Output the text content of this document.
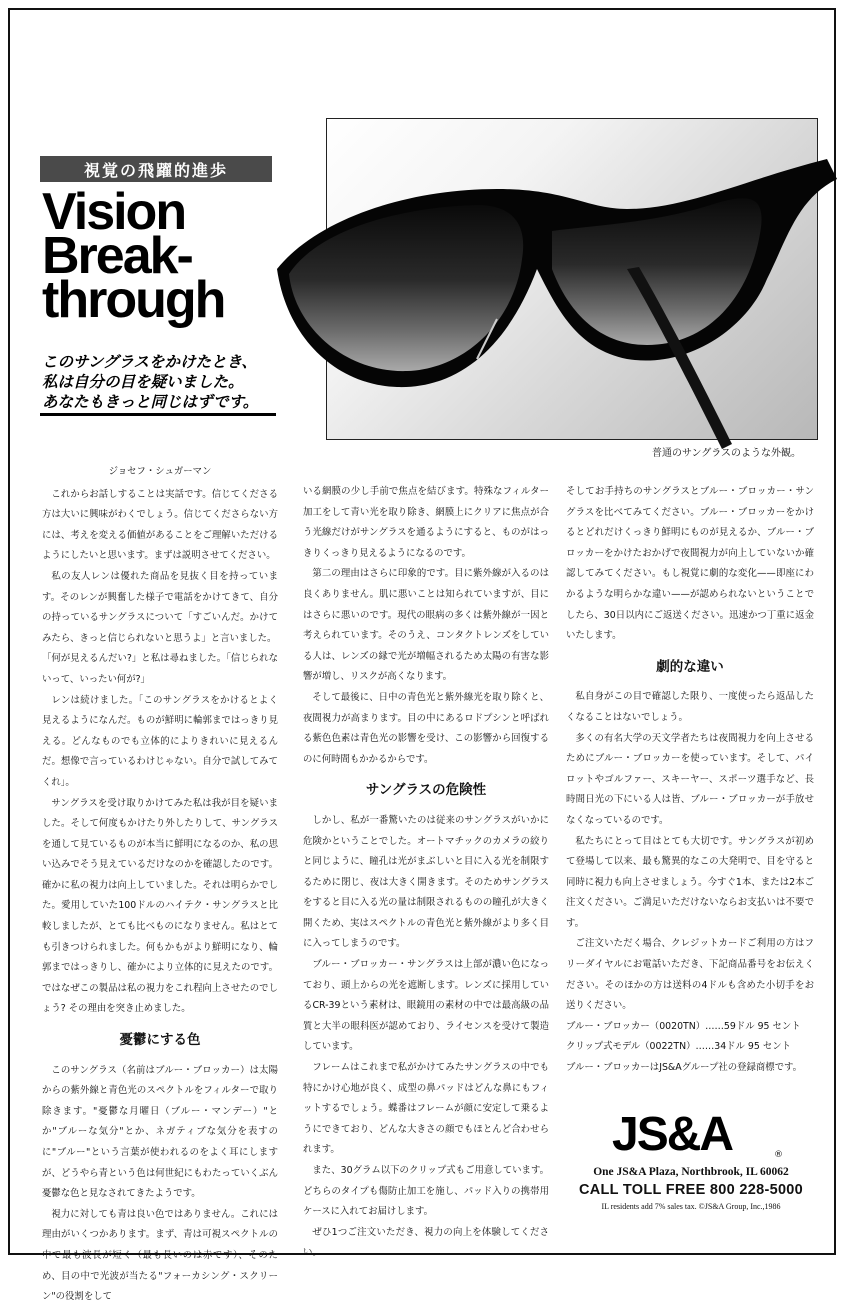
視覚の飛躍的進歩
Vision
Break-
through
このサングラスをかけたとき、
私は自分の目を疑いました。
あなたもきっと同じはずです。
普通のサングラスのような外観。

ジョセフ・シュガーマン

これからお話しすることは実話です。信じてくださる方は大いに興味がわくでしょう。信じてくださらない方には、考えを変える価値があることをご理解いただけるようにしたいと思います。まずは説明させてください。

私の友人レンは優れた商品を見抜く目を持っています。そのレンが興奮した様子で電話をかけてきて、自分の持っているサングラスについて「すごいんだ。かけてみたら、きっと信じられないと思うよ」と言いました。

「何が見えるんだい?」と私は尋ねました。「信じられないって、いったい何が?」

レンは続けました。「このサングラスをかけるとよく見えるようになんだ。ものが鮮明に輪郭まではっきり見える。どんなものでも立体的によりきれいに見えるんだ。想像で言っているわけじゃない。自分で試してみてくれ」。

サングラスを受け取りかけてみた私は我が目を疑いました。そして何度もかけたり外したりして、サングラスを通して見ているものが本当に鮮明になるのか、私の思い込みでそう見えているだけなのかを確認したのです。確かに私の視力は向上していました。それは明らかでした。愛用していた100ドルのハイテク・サングラスと比較しましたが、とても比べものになりません。私はとても引きつけられました。何もかもがより鮮明になり、輪郭まではっきりし、確かにより立体的に見えたのです。ではなぜこの製品は私の視力をこれ程向上させたのでしょう? その理由を突き止めました。

憂鬱にする色

このサングラス（名前はブルー・ブロッカー）は太陽からの紫外線と青色光のスペクトルをフィルターで取り除きます。"憂鬱な月曜日（ブルー・マンデー）"とか"ブルーな気分"とか、ネガティブな気分を表すのに"ブルー"という言葉が使われるのをよく耳にしますが、どうやら青という色は何世紀にもわたっていくぶん憂鬱な色と見なされてきたようです。

視力に対しても青は良い色ではありません。これには理由がいくつかあります。まず、青は可視スペクトルの中で最も波長が短く（最も長いのは赤です）、そのため、目の中で光波が当たる"フォーカシング・スクリーン"の役割をして

いる網膜の少し手前で焦点を結びます。特殊なフィルター加工をして青い光を取り除き、網膜上にクリアに焦点が合う光線だけがサングラスを通るようにすると、ものがはっきりくっきり見えるようになるのです。

第二の理由はさらに印象的です。目に紫外線が入るのは良くありません。肌に悪いことは知られていますが、目にはさらに悪いのです。現代の眼病の多くは紫外線が一因と考えられています。そのうえ、コンタクトレンズをしている人は、レンズの縁で光が増幅されるため太陽の有害な影響が増し、リスクが高くなります。

そして最後に、日中の青色光と紫外線光を取り除くと、夜間視力が高まります。目の中にあるロドプシンと呼ばれる紫色色素は青色光の影響を受け、この影響から回復するのに何時間もかかるからです。

サングラスの危険性

しかし、私が一番驚いたのは従来のサングラスがいかに危険かということでした。オートマチックのカメラの絞りと同じように、瞳孔は光がまぶしいと目に入る光を制限するために閉じ、夜は大きく開きます。そのためサングラスをすると目に入る光の量は制限されるものの瞳孔が大きく開くため、実はスペクトルの青色光と紫外線がより多く目に入ってしまうのです。

ブルー・ブロッカー・サングラスは上部が濃い色になっており、頭上からの光を遮断します。レンズに採用しているCR-39という素材は、眼鏡用の素材の中では最高級の品質と大半の眼科医が認めており、ライセンスを受けて製造しています。

フレームはこれまで私がかけてみたサングラスの中でも特にかけ心地が良く、成型の鼻パッドはどんな鼻にもフィットするでしょう。蝶番はフレームが顔に安定して乗るようにできており、どんな大きさの顔でもほとんど合わせられます。

また、30グラム以下のクリップ式もご用意しています。どちらのタイプも傷防止加工を施し、パッド入りの携帯用ケースに入れてお届けします。

ぜひ1つご注文いただき、視力の向上を体験してください。

そしてお手持ちのサングラスとブルー・ブロッカー・サングラスを比べてみてください。ブルー・ブロッカーをかけるとどれだけくっきり鮮明にものが見えるか、ブルー・ブロッカーをかけたおかげで夜間視力が向上していないか確認してみてください。もし視覚に劇的な変化——即座にわかるような明らかな違い——が認められないということでしたら、30日以内にご返送ください。迅速かつ丁重に返金いたします。

劇的な違い

私自身がこの目で確認した限り、一度使ったら返品したくなることはないでしょう。

多くの有名大学の天文学者たちは夜間視力を向上させるためにブルー・ブロッカーを使っています。そして、パイロットやゴルファー、スキーヤー、スポーツ選手など、長時間日光の下にいる人は皆、ブルー・ブロッカーが手放せなくなっているのです。

私たちにとって目はとても大切です。サングラスが初めて登場して以来、最も驚異的なこの大発明で、目を守ると同時に視力も向上させましょう。今すぐ1本、または2本ご注文ください。ご満足いただけないならお支払いは不要です。

ご注文いただく場合、クレジットカードご利用の方はフリーダイヤルにお電話いただき、下記商品番号をお伝えください。そのほかの方は送料の4ドルも含めた小切手をお送りください。

ブルー・ブロッカー（0020TN）……59ドル 95 セント

クリップ式モデル（0022TN）……34ドル 95 セント

ブルー・ブロッカーはJS&Aグループ社の登録商標です。

JS&A	®
One JS&A Plaza, Northbrook, IL 60062
CALL TOLL FREE 800 228-5000
IL residents add 7% sales tax. ©JS&A Group, Inc.,1986
